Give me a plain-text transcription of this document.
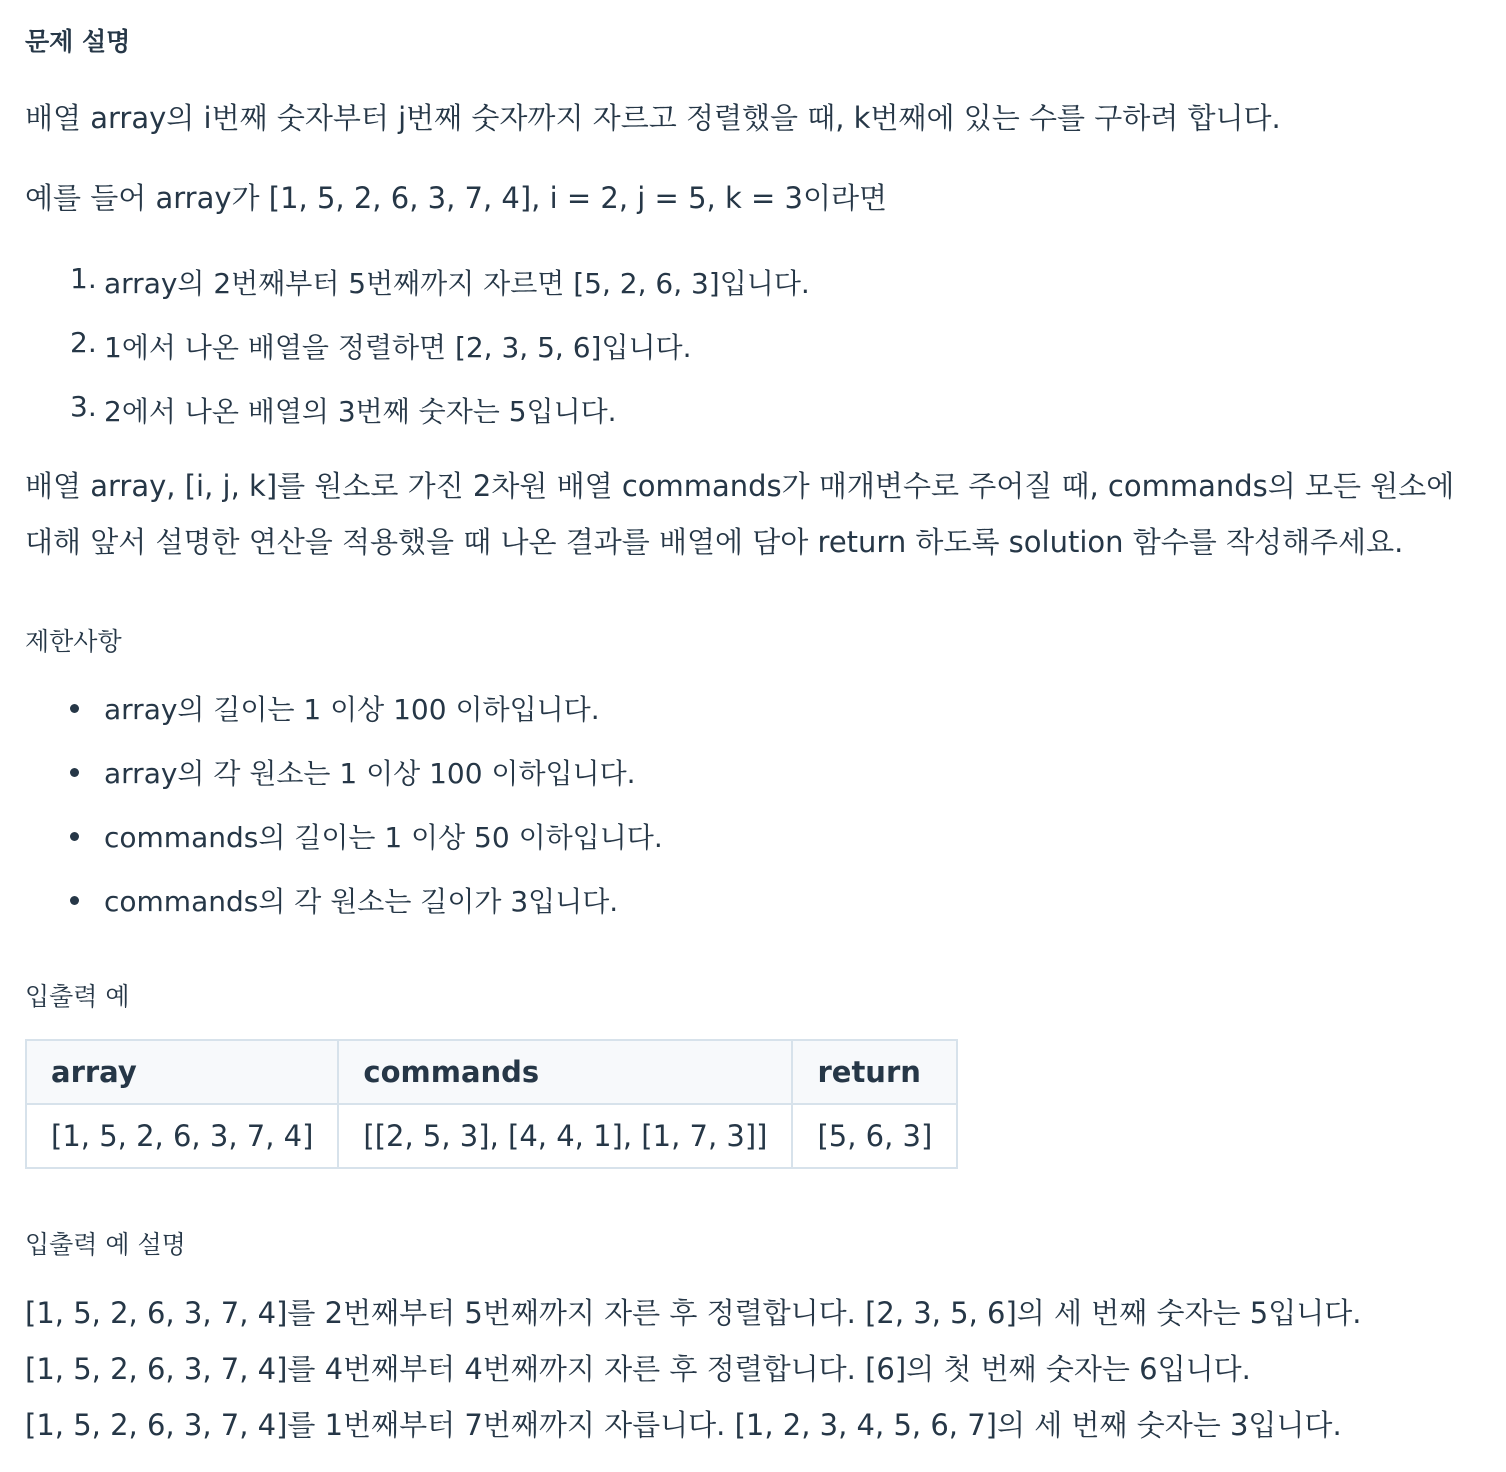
문제 설명

배열 array의 i번째 숫자부터 j번째 숫자까지 자르고 정렬했을 때, k번째에 있는 수를 구하려 합니다.

예를 들어 array가 [1, 5, 2, 6, 3, 7, 4], i = 2, j = 5, k = 3이라면

1. array의 2번째부터 5번째까지 자르면 [5, 2, 6, 3]입니다.
2. 1에서 나온 배열을 정렬하면 [2, 3, 5, 6]입니다.
3. 2에서 나온 배열의 3번째 숫자는 5입니다.

배열 array, [i, j, k]를 원소로 가진 2차원 배열 commands가 매개변수로 주어질 때, commands의 모든 원소에 대해 앞서 설명한 연산을 적용했을 때 나온 결과를 배열에 담아 return 하도록 solution 함수를 작성해주세요.

제한사항
array의 길이는 1 이상 100 이하입니다.
array의 각 원소는 1 이상 100 이하입니다.
commands의 길이는 1 이상 50 이하입니다.
commands의 각 원소는 길이가 3입니다.
입출력 예
array	commands	return
[1, 5, 2, 6, 3, 7, 4]	[[2, 5, 3], [4, 4, 1], [1, 7, 3]]	[5, 6, 3]
입출력 예 설명

[1, 5, 2, 6, 3, 7, 4]를 2번째부터 5번째까지 자른 후 정렬합니다. [2, 3, 5, 6]의 세 번째 숫자는 5입니다.

[1, 5, 2, 6, 3, 7, 4]를 4번째부터 4번째까지 자른 후 정렬합니다. [6]의 첫 번째 숫자는 6입니다.

[1, 5, 2, 6, 3, 7, 4]를 1번째부터 7번째까지 자릅니다. [1, 2, 3, 4, 5, 6, 7]의 세 번째 숫자는 3입니다.
